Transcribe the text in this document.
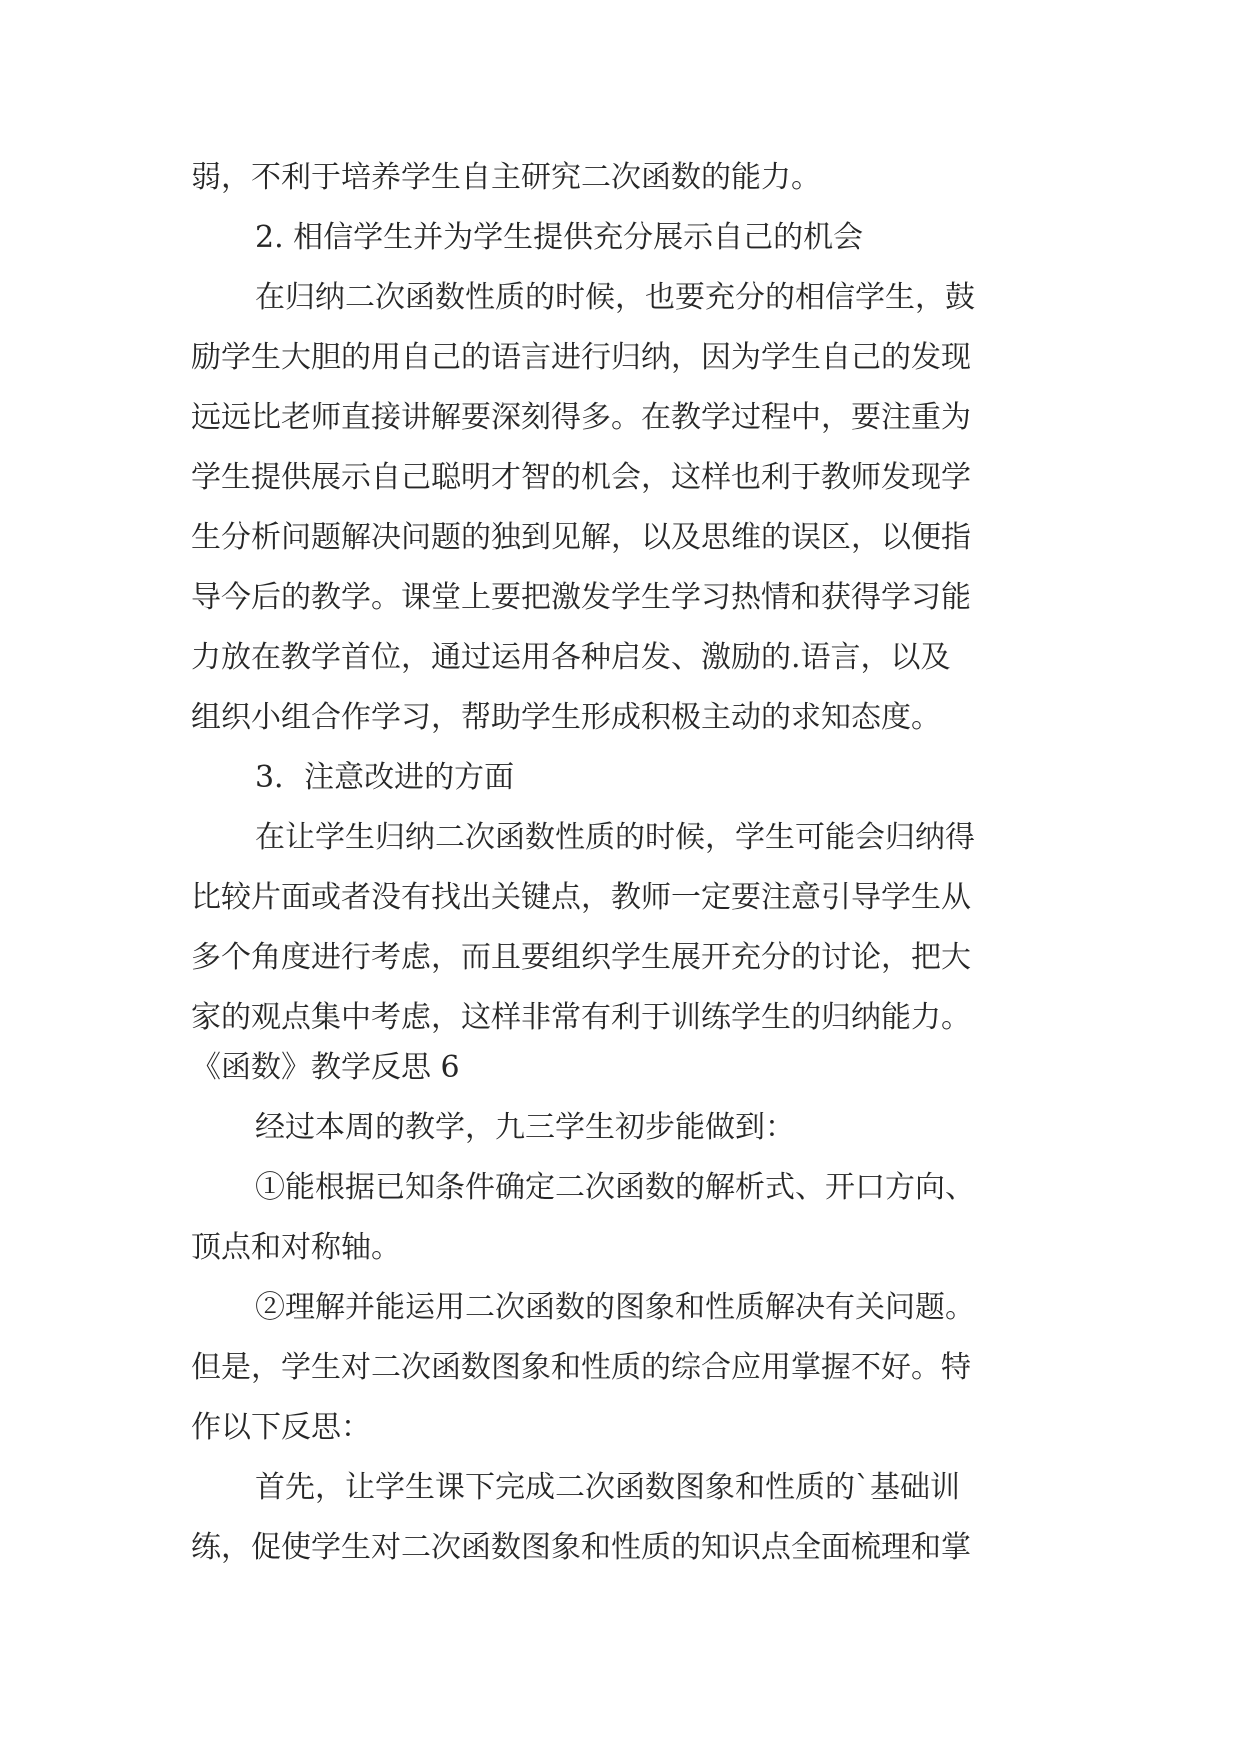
弱，不利于培养学生自主研究二次函数的能力。
2. 相信学生并为学生提供充分展示自己的机会
在归纳二次函数性质的时候，也要充分的相信学生，鼓
励学生大胆的用自己的语言进行归纳，因为学生自己的发现
远远比老师直接讲解要深刻得多。在教学过程中，要注重为
学生提供展示自己聪明才智的机会，这样也利于教师发现学
生分析问题解决问题的独到见解，以及思维的误区，以便指
导今后的教学。课堂上要把激发学生学习热情和获得学习能
力放在教学首位，通过运用各种启发、激励的.语言，以及
组织小组合作学习，帮助学生形成积极主动的求知态度。
3．注意改进的方面
在让学生归纳二次函数性质的时候，学生可能会归纳得
比较片面或者没有找出关键点，教师一定要注意引导学生从
多个角度进行考虑，而且要组织学生展开充分的讨论，把大
家的观点集中考虑，这样非常有利于训练学生的归纳能力。
《函数》教学反思 6
经过本周的教学，九三学生初步能做到：
①能根据已知条件确定二次函数的解析式、开口方向、
顶点和对称轴。
②理解并能运用二次函数的图象和性质解决有关问题。
但是，学生对二次函数图象和性质的综合应用掌握不好。特
作以下反思：
首先，让学生课下完成二次函数图象和性质的`基础训
练，促使学生对二次函数图象和性质的知识点全面梳理和掌
